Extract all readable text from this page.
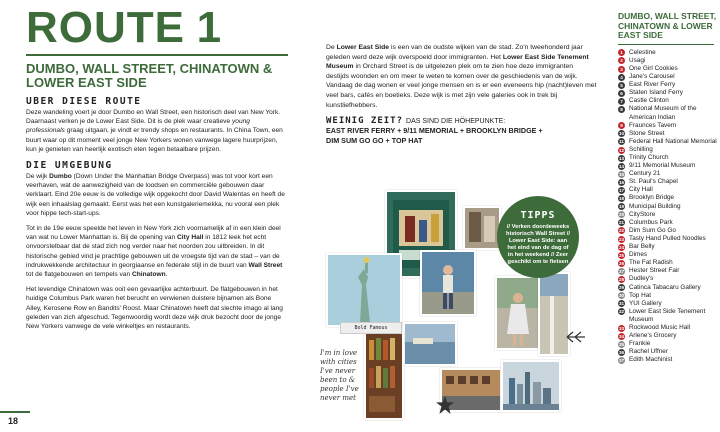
ROUTE 1
DUMBO, WALL STREET, CHINATOWN & LOWER EAST SIDE
UBER DIESE ROUTE

Deze wandeling voert je door Dumbo en Wall Street, een historisch deel van New York. Daarnaast verken je de Lower East Side. Dit is de plek waar creatieve young professionals graag uitgaan, je vindt er trendy shops en restaurants. In China Town, een buurt waar op dit moment veel jonge New Yorkers wonen vanwege lagere huurprijzen, kun je genieten van heerlijk exotisch eten tegen betaalbare prijzen.

DIE UMGEBUNG

De wijk Dumbo (Down Under the Manhattan Bridge Overpass) was tot voor kort een veerhaven, wat de aanwezigheid van de loodsen en commerciële gebouwen daar verklaart. Eind 20e eeuw is de volledige wijk opgekocht door David Walentas en heeft de wijk een inhaalslag gemaakt. Eerst was het een kunstgaleriemekka, nu vooral een plek voor hippe tech-start-ups.

Tot in de 19e eeuw speelde het leven in New York zich voornamelijk af in een klein deel van wat nu Lower Manhattan is. Bij de opening van City Hall in 1812 leek het echt onvoorstelbaar dat de stad zich nog verder naar het noorden zou uitbreiden. In dit historische gebied vind je prachtige gebouwen uit de vroegste tijd van de stad – van de indrukwekkende architectuur in georgiaanse en federale stijl in de buurt van Wall Street tot de flatgebouwen en tempels van Chinatown.

Het levendige Chinatown was ooit een gevaarlijke achterbuurt. De flatgebouwen in het huidige Columbus Park waren het berucht en verwienen duistere bijnamen als Bone Alley, Kerosene Row en Bandits' Roost. Maar Chinatown heeft dat slechte imago al lang geleden van zich afgeschud. Tegenwoordig wordt deze wijk druk bezocht door de jonge New Yorkers vanwege de vele winkeltjes en restaurants.

18

De Lower East Side is een van de oudste wijken van de stad. Zo'n tweehonderd jaar geleden werd deze wijk overspoeld door immigranten. Het Lower East Side Tenement Museum in Orchard Street is de uitgelezen plek om te zien hoe deze immigranten destijds woonden en om meer te weten te komen over de geschiedenis van de wijk. Vandaag de dag wonen er veel jonge mensen en is er een eveneens hip (nacht)leven met veel bars, cafés en boetieks. Deze wijk is met zijn vele galeries ook in trek bij kunstliefhebbers.

WEINIG ZEIT? DAS SIND DIE HÖHEPUNKTE:
EAST RIVER FERRY + 9/11 MEMORIAL + BROOKLYN BRIDGE +
DIM SUM GO GO + TOP HAT
TIPPS
// Verken doordeweeks historisch Wall Street // Lower East Side: aan het eind van de dag of in het weekend // Zeer geschikt om te fietsen
Bold Famous
I'm in love with cities I've never been to & people I've never met
DUMBO, WALL STREET, CHINATOWN & LOWER EAST SIDE
1 Celestine
2 Usagi
3 One Girl Cookies
4 Jane's Carousel
5 East River Ferry
6 Staten Island Ferry
7 Castle Clinton
8 National Museum of the American Indian
9 Fraunces Tavern
10 Stone Street
11 Federal Hall National Memorial
12 Schilling
13 Trinity Church
14 9/11 Memorial Museum
15 Century 21
16 St. Paul's Chapel
17 City Hall
18 Brooklyn Bridge
19 Municipal Building
20 CityStore
21 Columbus Park
22 Dim Sum Go Go
23 Tasty Hand Pulled Noodles
24 Bar Belly
25 Dimes
26 The Fat Radish
27 Hester Street Fair
28 Dudley's
29 Catinca Tabacaru Gallery
30 Top Hat
31 YUI Gallery
32 Lower East Side Tenement Museum
33 Rockwood Music Hall
34 Arlene's Grocery
35 Frankie
36 Rachel Uffner
37 Edith Machinist
